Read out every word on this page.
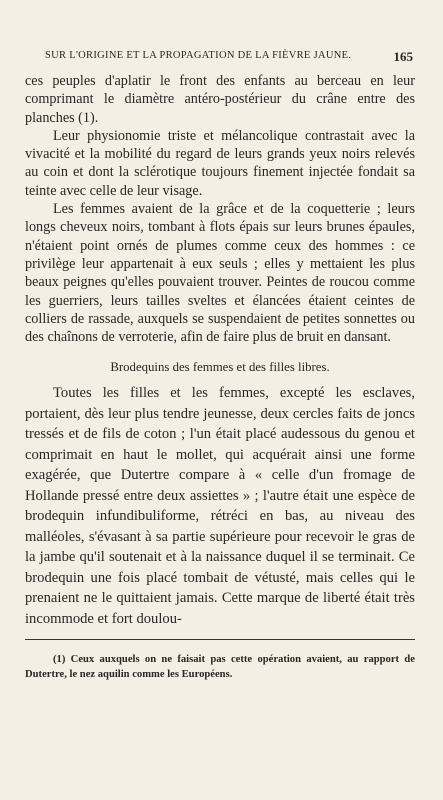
SUR L'ORIGINE ET LA PROPAGATION DE LA FIÈVRE JAUNE.	165

ces peuples d'aplatir le front des enfants au berceau en leur comprimant le diamètre antéro-postérieur du crâne entre des planches (1).

Leur physionomie triste et mélancolique contrastait avec la vivacité et la mobilité du regard de leurs grands yeux noirs relevés au coin et dont la sclérotique toujours finement injectée fondait sa teinte avec celle de leur visage.

Les femmes avaient de la grâce et de la coquetterie ; leurs longs cheveux noirs, tombant à flots épais sur leurs brunes épaules, n'étaient point ornés de plumes comme ceux des hommes : ce privilège leur appartenait à eux seuls ; elles y mettaient les plus beaux peignes qu'elles pouvaient trouver. Peintes de roucou comme les guerriers, leurs tailles sveltes et élancées étaient ceintes de colliers de rassade, auxquels se suspendaient de petites sonnettes ou des chaînons de verroterie, afin de faire plus de bruit en dansant.

Brodequins des femmes et des filles libres.

Toutes les filles et les femmes, excepté les esclaves, portaient, dès leur plus tendre jeunesse, deux cercles faits de joncs tressés et de fils de coton ; l'un était placé audessous du genou et comprimait en haut le mollet, qui acquérait ainsi une forme exagérée, que Dutertre compare à « celle d'un fromage de Hollande pressé entre deux assiettes » ; l'autre était une espèce de brodequin infundibuliforme, rétréci en bas, au niveau des malléoles, s'évasant à sa partie supérieure pour recevoir le gras de la jambe qu'il soutenait et à la naissance duquel il se terminait. Ce brodequin une fois placé tombait de vétusté, mais celles qui le prenaient ne le quittaient jamais. Cette marque de liberté était très incommode et fort doulou-

(1) Ceux auxquels on ne faisait pas cette opération avaient, au rapport de Dutertre, le nez aquilin comme les Européens.
